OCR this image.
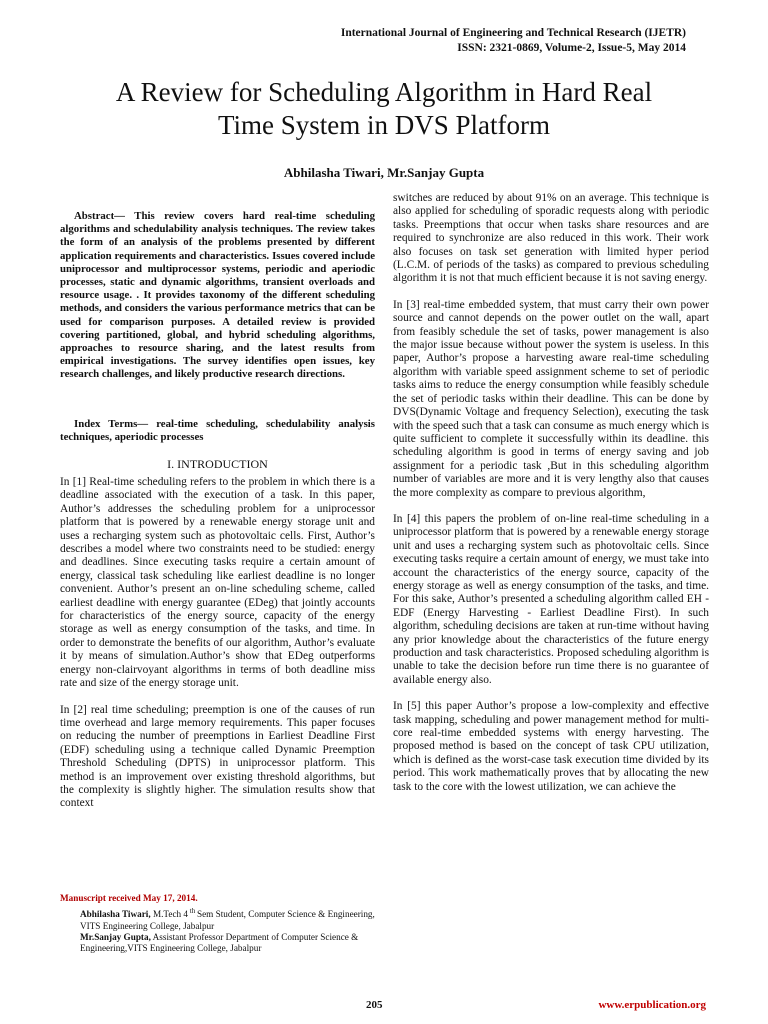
International Journal of Engineering and Technical Research (IJETR)
ISSN: 2321-0869, Volume-2, Issue-5, May 2014
A Review for Scheduling Algorithm in Hard Real
Time System in DVS Platform
Abhilasha Tiwari, Mr.Sanjay Gupta

Abstract— This review covers hard real-time scheduling algorithms and schedulability analysis techniques. The review takes the form of an analysis of the problems presented by different application requirements and characteristics. Issues covered include uniprocessor and multiprocessor systems, periodic and aperiodic processes, static and dynamic algorithms, transient overloads and resource usage. . It provides taxonomy of the different scheduling methods, and considers the various performance metrics that can be used for comparison purposes. A detailed review is provided covering partitioned, global, and hybrid scheduling algorithms, approaches to resource sharing, and the latest results from empirical investigations. The survey identifies open issues, key research challenges, and likely productive research directions.

Index Terms— real-time scheduling, schedulability analysis techniques, aperiodic processes

I. INTRODUCTION

In [1] Real-time scheduling refers to the problem in which there is a deadline associated with the execution of a task. In this paper, Author’s addresses the scheduling problem for a uniprocessor platform that is powered by a renewable energy storage unit and uses a recharging system such as photovoltaic cells. First, Author’s describes a model where two constraints need to be studied: energy and deadlines. Since executing tasks require a certain amount of energy, classical task scheduling like earliest deadline is no longer convenient. Author’s present an on-line scheduling scheme, called earliest deadline with energy guarantee (EDeg) that jointly accounts for characteristics of the energy source, capacity of the energy storage as well as energy consumption of the tasks, and time. In order to demonstrate the benefits of our algorithm, Author’s evaluate it by means of simulation.Author’s show that EDeg outperforms energy non-clairvoyant algorithms in terms of both deadline miss rate and size of the energy storage unit.

In [2] real time scheduling; preemption is one of the causes of run time overhead and large memory requirements. This paper focuses on reducing the number of preemptions in Earliest Deadline First (EDF) scheduling using a technique called Dynamic Preemption Threshold Scheduling (DPTS) in uniprocessor platform. This method is an improvement over existing threshold algorithms, but the complexity is slightly higher. The simulation results show that context

switches are reduced by about 91% on an average. This technique is also applied for scheduling of sporadic requests along with periodic tasks. Preemptions that occur when tasks share resources and are required to synchronize are also reduced in this work. Their work also focuses on task set generation with limited hyper period (L.C.M. of periods of the tasks) as compared to previous scheduling algorithm it is not that much efficient because it is not saving energy.

In [3] real-time embedded system, that must carry their own power source and cannot depends on the power outlet on the wall, apart from feasibly schedule the set of tasks, power management is also the major issue because without power the system is useless. In this paper, Author’s propose a harvesting aware real-time scheduling algorithm with variable speed assignment scheme to set of periodic tasks aims to reduce the energy consumption while feasibly schedule the set of periodic tasks within their deadline. This can be done by DVS(Dynamic Voltage and frequency Selection), executing the task with the speed such that a task can consume as much energy which is quite sufficient to complete it successfully within its deadline. this scheduling algorithm is good in terms of energy saving and job assignment for a periodic task ,But in this scheduling algorithm number of variables are more and it is very lengthy also that causes the more complexity as compare to previous algorithm,

In [4] this papers the problem of on-line real-time scheduling in a uniprocessor platform that is powered by a renewable energy storage unit and uses a recharging system such as photovoltaic cells. Since executing tasks require a certain amount of energy, we must take into account the characteristics of the energy source, capacity of the energy storage as well as energy consumption of the tasks, and time. For this sake, Author’s presented a scheduling algorithm called EH - EDF (Energy Harvesting - Earliest Deadline First). In such algorithm, scheduling decisions are taken at run-time without having any prior knowledge about the characteristics of the future energy production and task characteristics. Proposed scheduling algorithm is unable to take the decision before run time there is no guarantee of available energy also.

In [5] this paper Author’s propose a low-complexity and effective task mapping, scheduling and power management method for multi-core real-time embedded systems with energy harvesting. The proposed method is based on the concept of task CPU utilization, which is defined as the worst-case task execution time divided by its period. This work mathematically proves that by allocating the new task to the core with the lowest utilization, we can achieve the

Manuscript received May 17, 2014.
Abhilasha Tiwari, M.Tech 4 $^{th}$ Sem Student, Computer Science & Engineering, VITS Engineering College, Jabalpur
Mr.Sanjay Gupta, Assistant Professor Department of Computer Science & Engineering,VITS Engineering College, Jabalpur
205	www.erpublication.org
